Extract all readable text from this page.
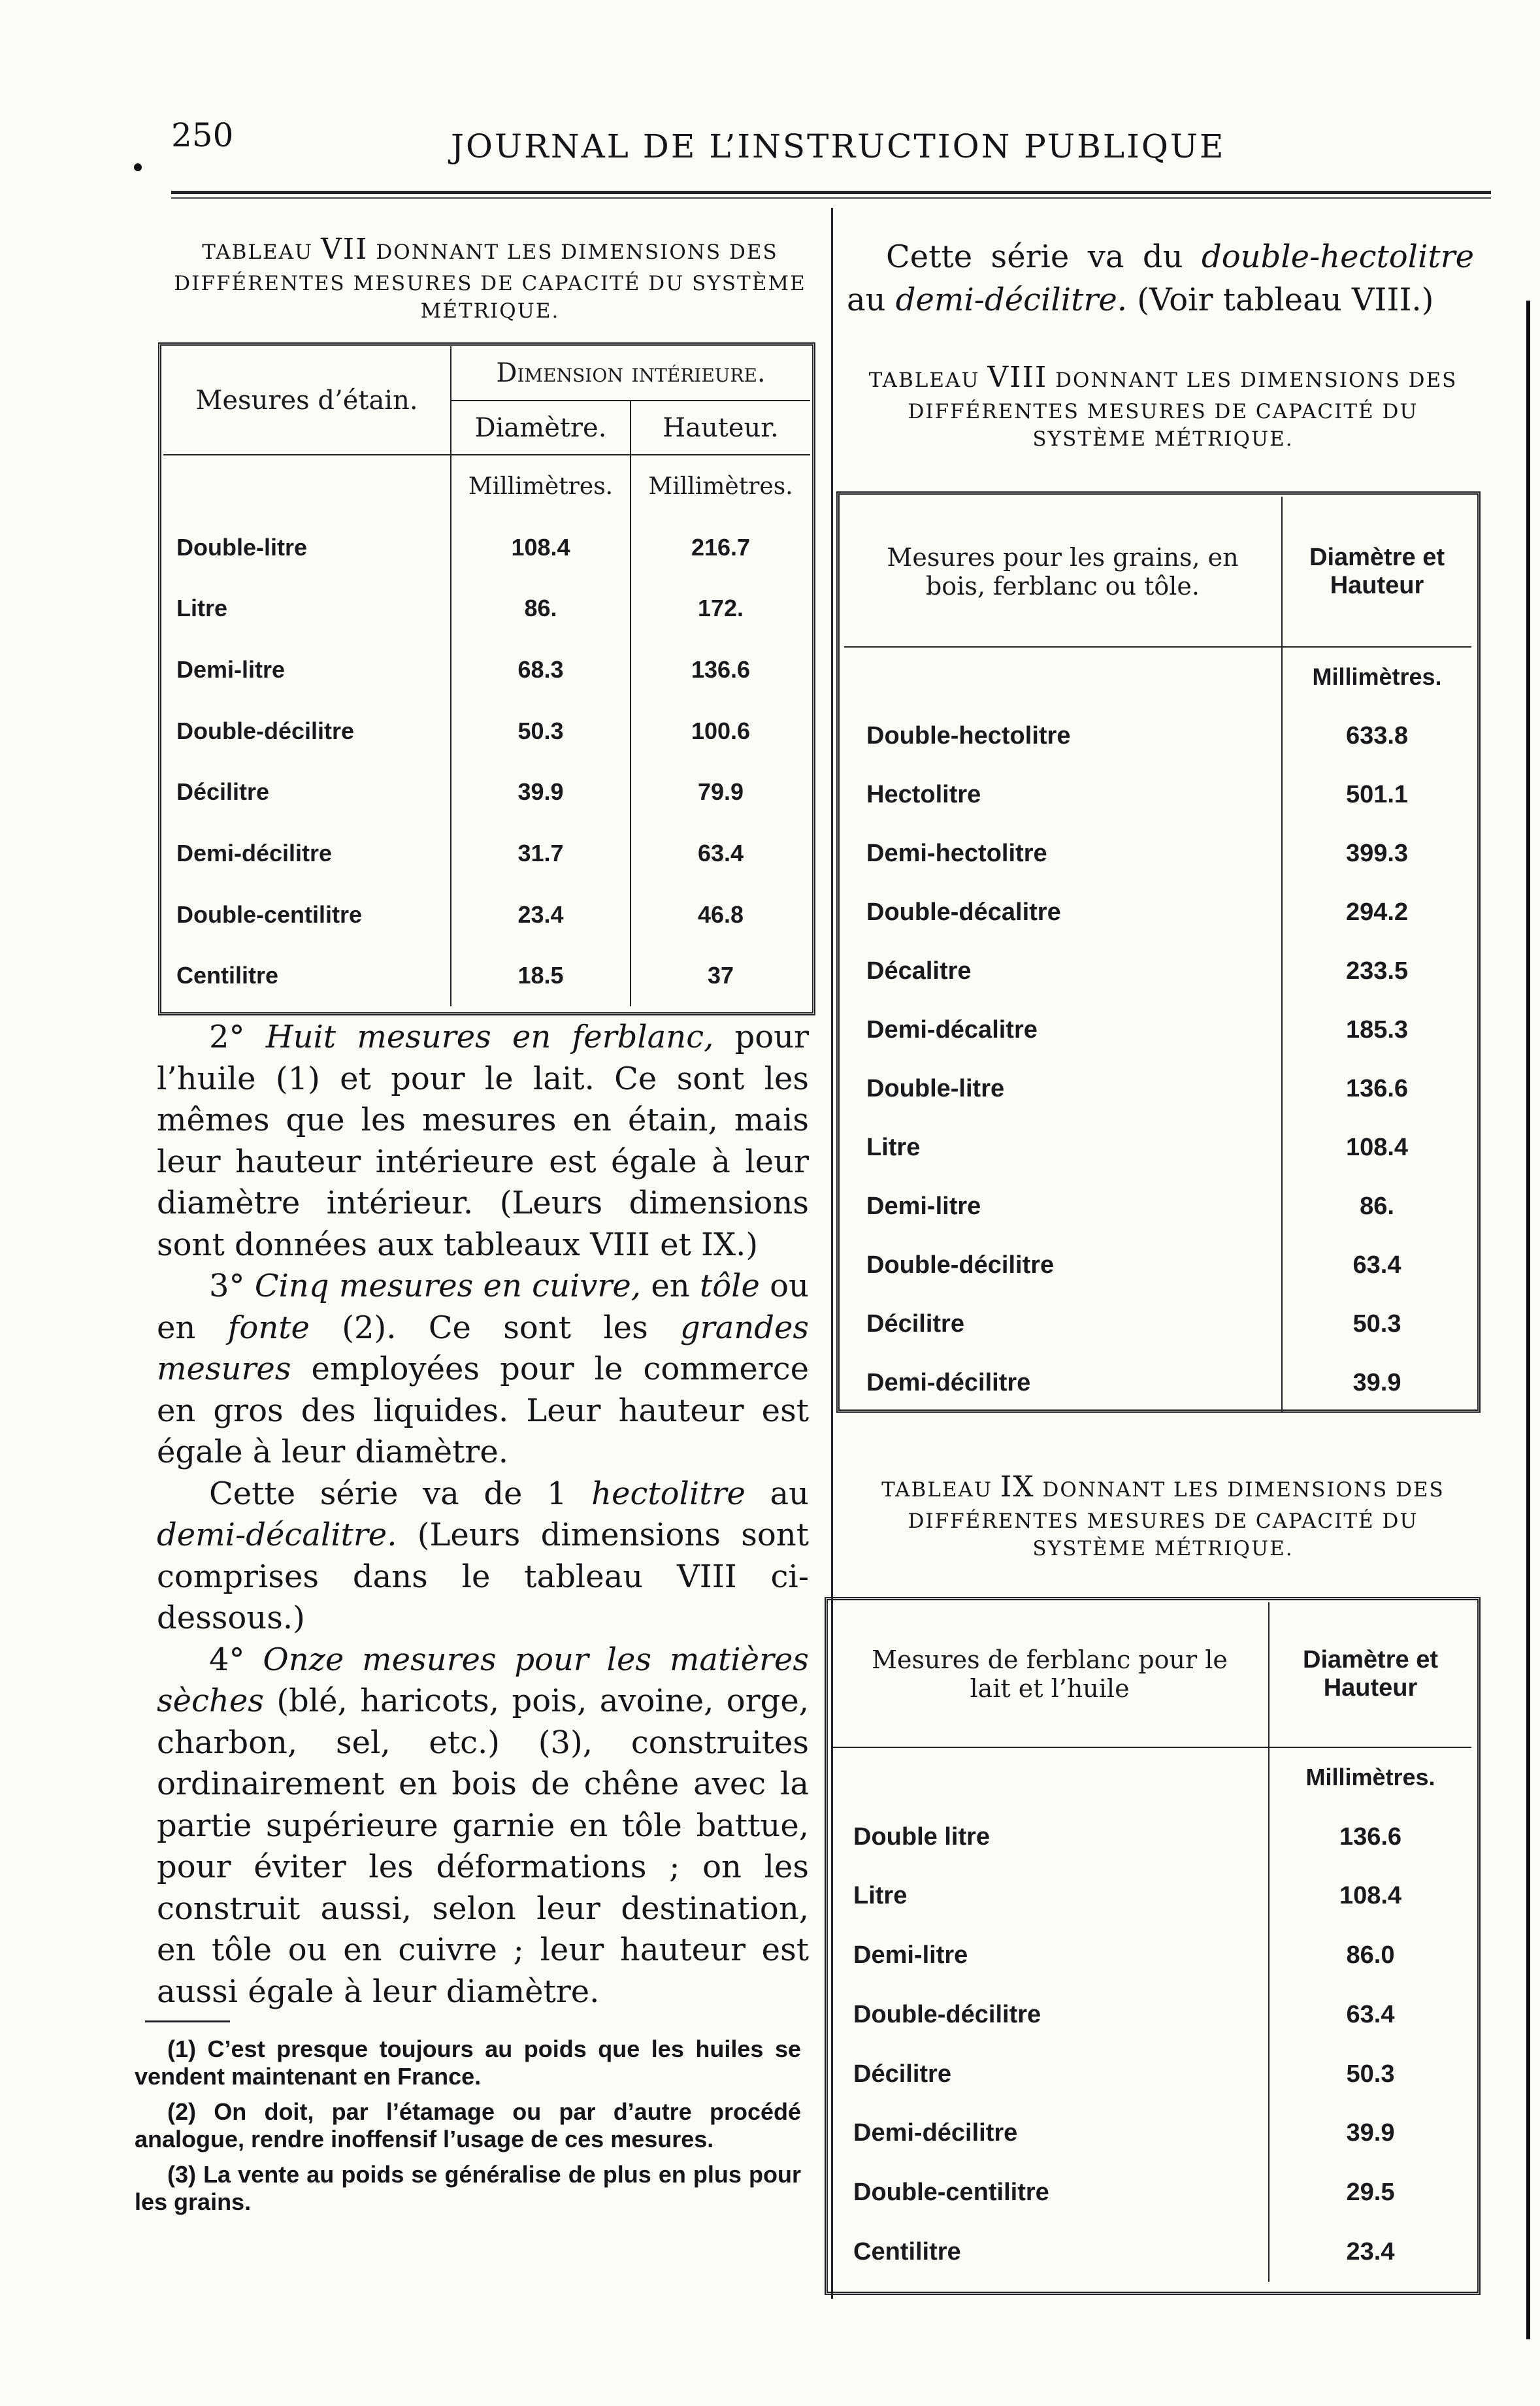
250	JOURNAL DE L’INSTRUCTION PUBLIQUE
TABLEAU VII DONNANT LES DIMENSIONS DES DIFFÉRENTES MESURES DE CAPACITÉ DU SYSTÈME MÉTRIQUE.
Mesures d’étain.	Dimension intérieure.	
	Diamètre.	Hauteur.
	Millimètres.	Millimètres.
Double-litre	108.4	216.7
Litre	86.	172.
Demi-litre	68.3	136.6
Double-décilitre	50.3	100.6
Décilitre	39.9	79.9
Demi-décilitre	31.7	63.4
Double-centilitre	23.4	46.8
Centilitre	18.5	37

2° Huit mesures en ferblanc, pour l’huile (1) et pour le lait. Ce sont les mêmes que les mesures en étain, mais leur hauteur intérieure est égale à leur diamètre intérieur. (Leurs dimensions sont données aux tableaux VIII et IX.)

3° Cinq mesures en cuivre, en tôle ou en fonte (2). Ce sont les grandes mesures employées pour le commerce en gros des liquides. Leur hauteur est égale à leur diamètre.

Cette série va de 1 hectolitre au demi-décalitre. (Leurs dimensions sont comprises dans le tableau VIII ci-dessous.)

4° Onze mesures pour les matières sèches (blé, haricots, pois, avoine, orge, charbon, sel, etc.) (3), construites ordinairement en bois de chêne avec la partie supérieure garnie en tôle battue, pour éviter les déformations ; on les construit aussi, selon leur destination, en tôle ou en cuivre ; leur hauteur est aussi égale à leur diamètre.

(1) C’est presque toujours au poids que les huiles se vendent maintenant en France.

(2) On doit, par l’étamage ou par d’autre procédé analogue, rendre inoffensif l’usage de ces mesures.

(3) La vente au poids se généralise de plus en plus pour les grains.

Cette série va du double-hectolitre au demi-décilitre. (Voir tableau VIII.)
TABLEAU VIII DONNANT LES DIMENSIONS DES DIFFÉRENTES MESURES DE CAPACITÉ DU SYSTÈME MÉTRIQUE.
Mesures pour les grains, en bois, ferblanc ou tôle.	Diamètre et Hauteur
	Millimètres.
Double-hectolitre	633.8
Hectolitre	501.1
Demi-hectolitre	399.3
Double-décalitre	294.2
Décalitre	233.5
Demi-décalitre	185.3
Double-litre	136.6
Litre	108.4
Demi-litre	86.
Double-décilitre	63.4
Décilitre	50.3
Demi-décilitre	39.9
TABLEAU IX DONNANT LES DIMENSIONS DES DIFFÉRENTES MESURES DE CAPACITÉ DU SYSTÈME MÉTRIQUE.
Mesures de ferblanc pour le lait et l’huile	Diamètre et Hauteur
	Millimètres.
Double litre	136.6
Litre	108.4
Demi-litre	86.0
Double-décilitre	63.4
Décilitre	50.3
Demi-décilitre	39.9
Double-centilitre	29.5
Centilitre	23.4
